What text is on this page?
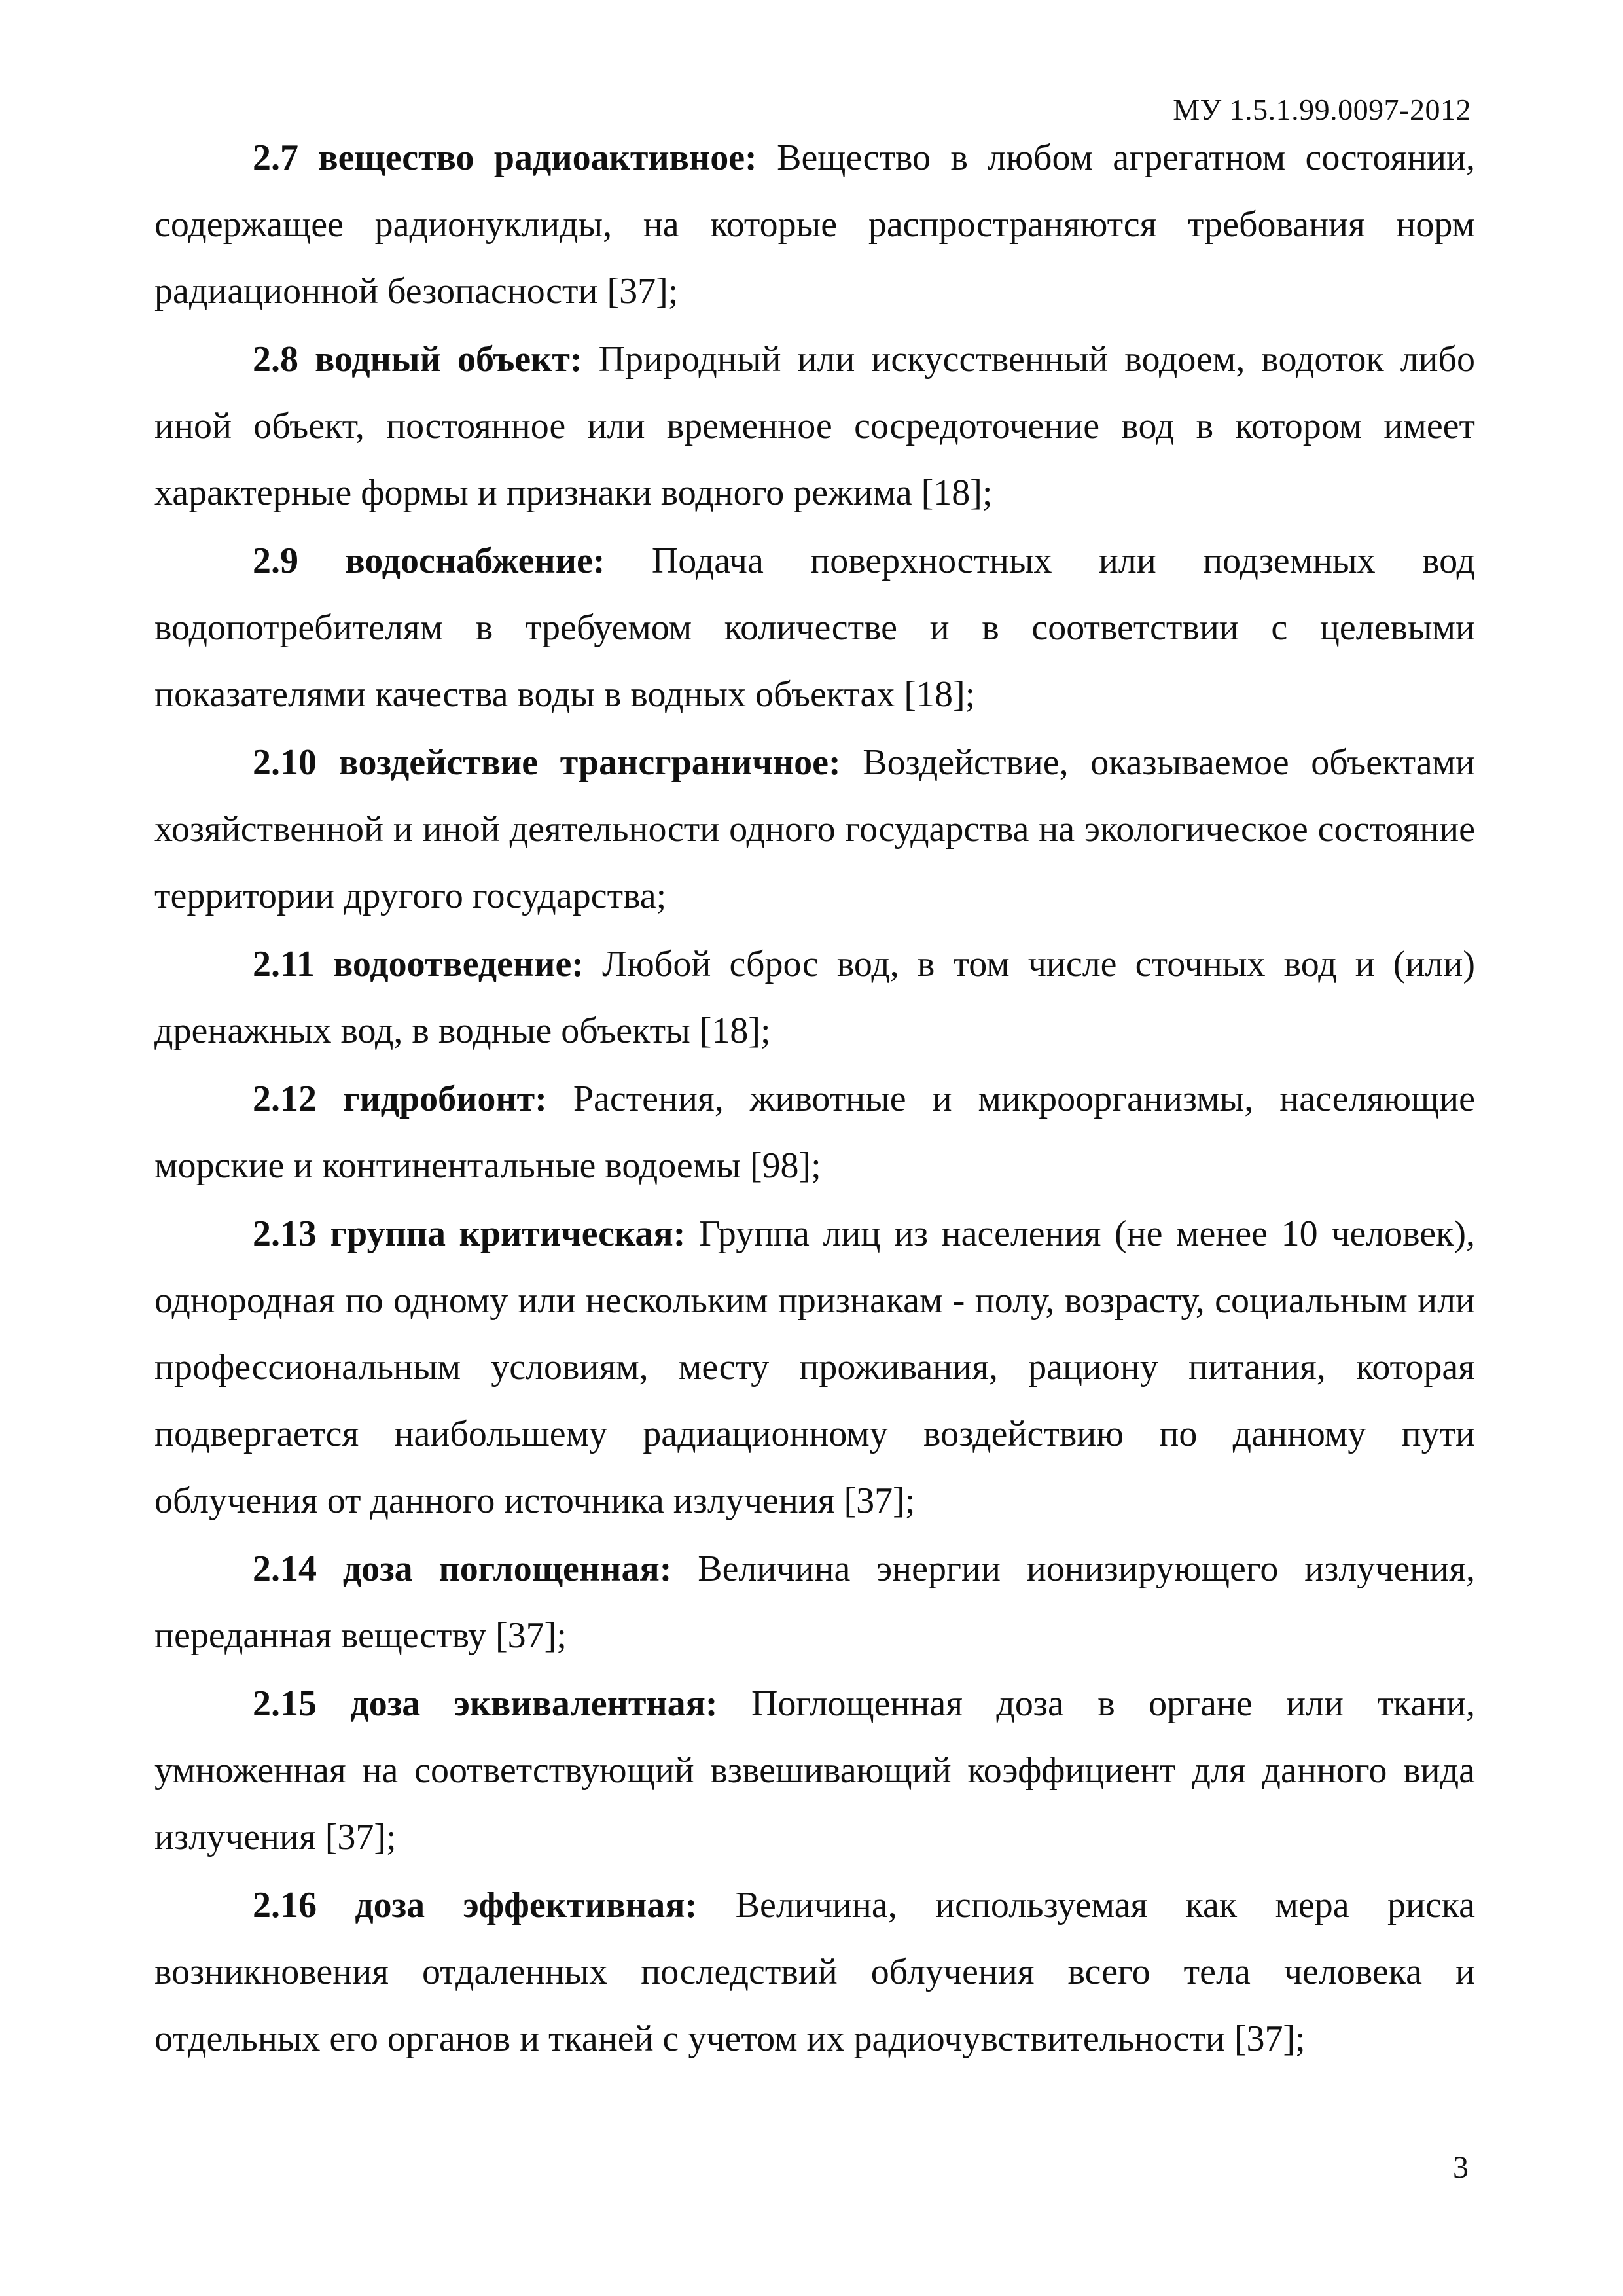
МУ 1.5.1.99.0097-2012

2.7 вещество радиоактивное: Вещество в любом агрегатном состоянии, содержащее радионуклиды, на которые распространяются требования норм радиационной безопасности [37];

2.8 водный объект: Природный или искусственный водоем, водоток либо иной объект, постоянное или временное сосредоточение вод в котором имеет характерные формы и признаки водного режима [18];

2.9 водоснабжение: Подача поверхностных или подземных вод водопотребителям в требуемом количестве и в соответствии с целевыми показателями качества воды в водных объектах [18];

2.10 воздействие трансграничное: Воздействие, оказываемое объектами хозяйственной и иной деятельности одного государства на экологическое состояние территории другого государства;

2.11 водоотведение: Любой сброс вод, в том числе сточных вод и (или) дренажных вод, в водные объекты [18];

2.12 гидробионт: Растения, животные и микроорганизмы, населяющие морские и континентальные водоемы [98];

2.13 группа критическая: Группа лиц из населения (не менее 10 человек), однородная по одному или нескольким признакам - полу, возрасту, социальным или профессиональным условиям, месту проживания, рациону питания, которая подвергается наибольшему радиационному воздействию по данному пути облучения от данного источника излучения [37];

2.14 доза поглощенная: Величина энергии ионизирующего излучения, переданная веществу [37];

2.15 доза эквивалентная: Поглощенная доза в органе или ткани, умноженная на соответствующий взвешивающий коэффициент для данного вида излучения [37];

2.16 доза эффективная: Величина, используемая как мера риска возникновения отдаленных последствий облучения всего тела человека и отдельных его органов и тканей с учетом их радиочувствительности [37];

3
